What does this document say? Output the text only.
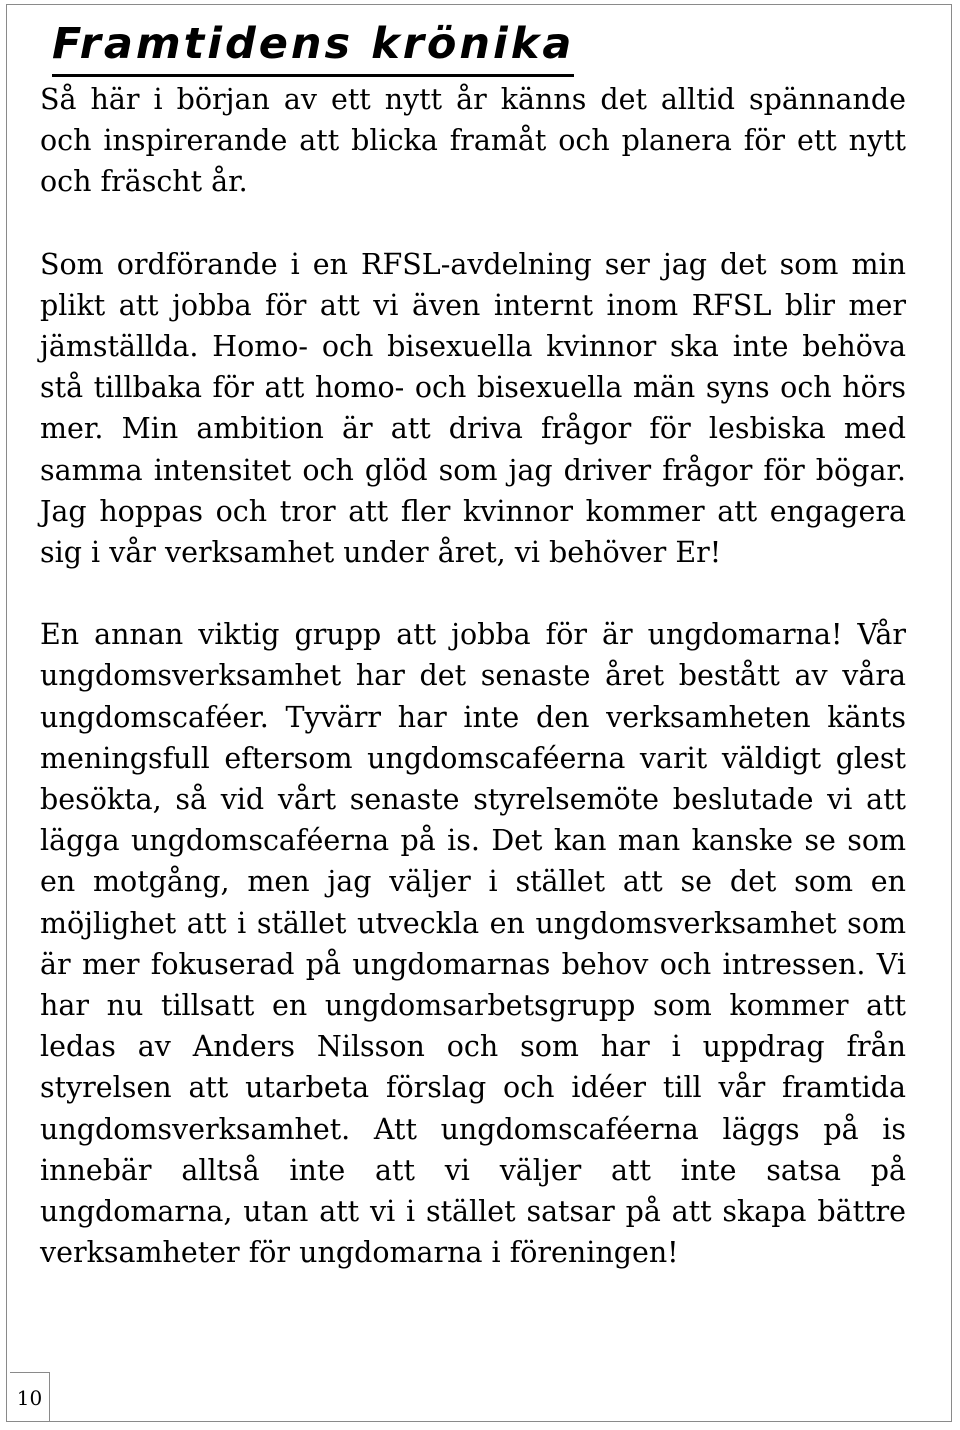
Framtidens krönika

Så här i början av ett nytt år känns det alltid spännande och inspirerande att blicka framåt och planera för ett nytt och fräscht år.

Som ordförande i en RFSL-avdelning ser jag det som min plikt att jobba för att vi även internt inom RFSL blir mer jämställda. Homo- och bisexuella kvinnor ska inte behöva stå tillbaka för att homo- och bisexuella män syns och hörs mer. Min ambition är att driva frågor för lesbiska med samma intensitet och glöd som jag driver frågor för bögar. Jag hoppas och tror att fler kvinnor kommer att engagera sig i vår verksamhet under året, vi behöver Er!

En annan viktig grupp att jobba för är ungdomarna! Vår ungdomsverksamhet har det senaste året bestått av våra ungdomscaféer. Tyvärr har inte den verksamheten känts meningsfull eftersom ungdomscaféerna varit väldigt glest besökta, så vid vårt senaste styrelsemöte beslutade vi att lägga ungdomscaféerna på is. Det kan man kanske se som en motgång, men jag väljer i stället att se det som en möjlighet att i stället utveckla en ungdomsverksamhet som är mer fokuserad på ungdomarnas behov och intressen. Vi har nu tillsatt en ungdomsarbetsgrupp som kommer att ledas av Anders Nilsson och som har i uppdrag från styrelsen att utarbeta förslag och idéer till vår framtida ungdomsverksamhet. Att ungdomscaféerna läggs på is innebär alltså inte att vi väljer att inte satsa på ungdomarna, utan att vi i stället satsar på att skapa bättre verksamheter för ungdomarna i föreningen!

10
